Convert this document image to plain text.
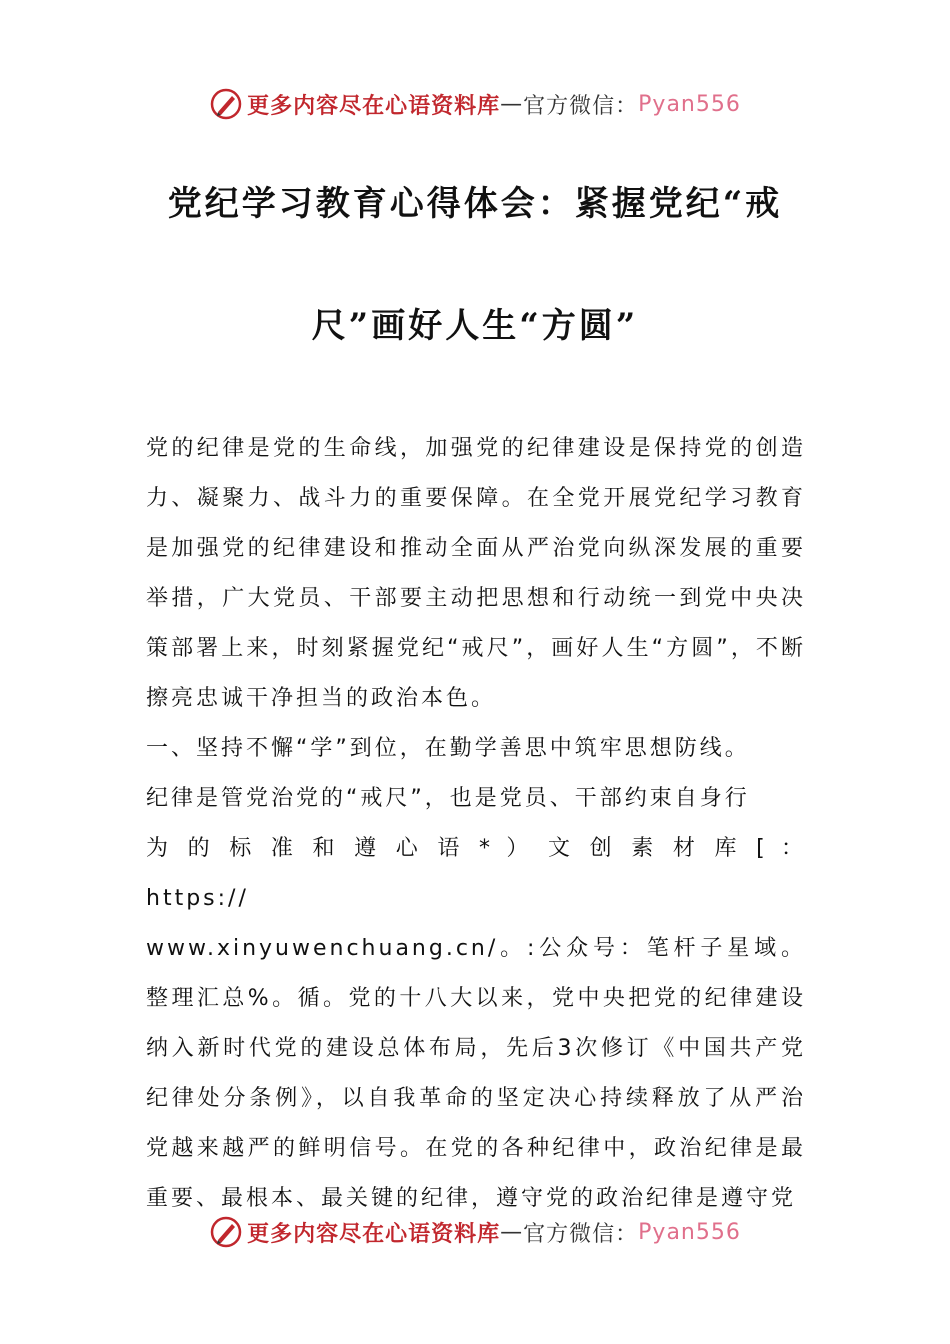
更多内容尽在心语资料库 — 官方微信： Pyan556
党纪学习教育心得体会：紧握党纪“戒
尺”画好人生“方圆”

党的纪律是党的生命线，加强党的纪律建设是保持党的创造力、凝聚力、战斗力的重要保障。在全党开展党纪学习教育是加强党的纪律建设和推动全面从严治党向纵深发展的重要举措，广大党员、干部要主动把思想和行动统一到党中央决策部署上来，时刻紧握党纪“戒尺”，画好人生“方圆”，不断擦亮忠诚干净担当的政治本色。

一、坚持不懈“学”到位，在勤学善思中筑牢思想防线。

纪律是管党治党的“戒尺”，也是党员、干部约束自身行

为 的 标 准 和 遵 心 语 * ） 文 创 素 材 库 [ ： https://

www.xinyuwenchuang.cn/。:公众号：笔杆子星域。整理汇总%。循。党的十八大以来，党中央把党的纪律建设纳入新时代党的建设总体布局，先后3次修订《中国共产党纪律处分条例》，以自我革命的坚定决心持续释放了从严治党越来越严的鲜明信号。在党的各种纪律中，政治纪律是最重要、最根本、最关键的纪律，遵守党的政治纪律是遵守党

更多内容尽在心语资料库 — 官方微信： Pyan556
